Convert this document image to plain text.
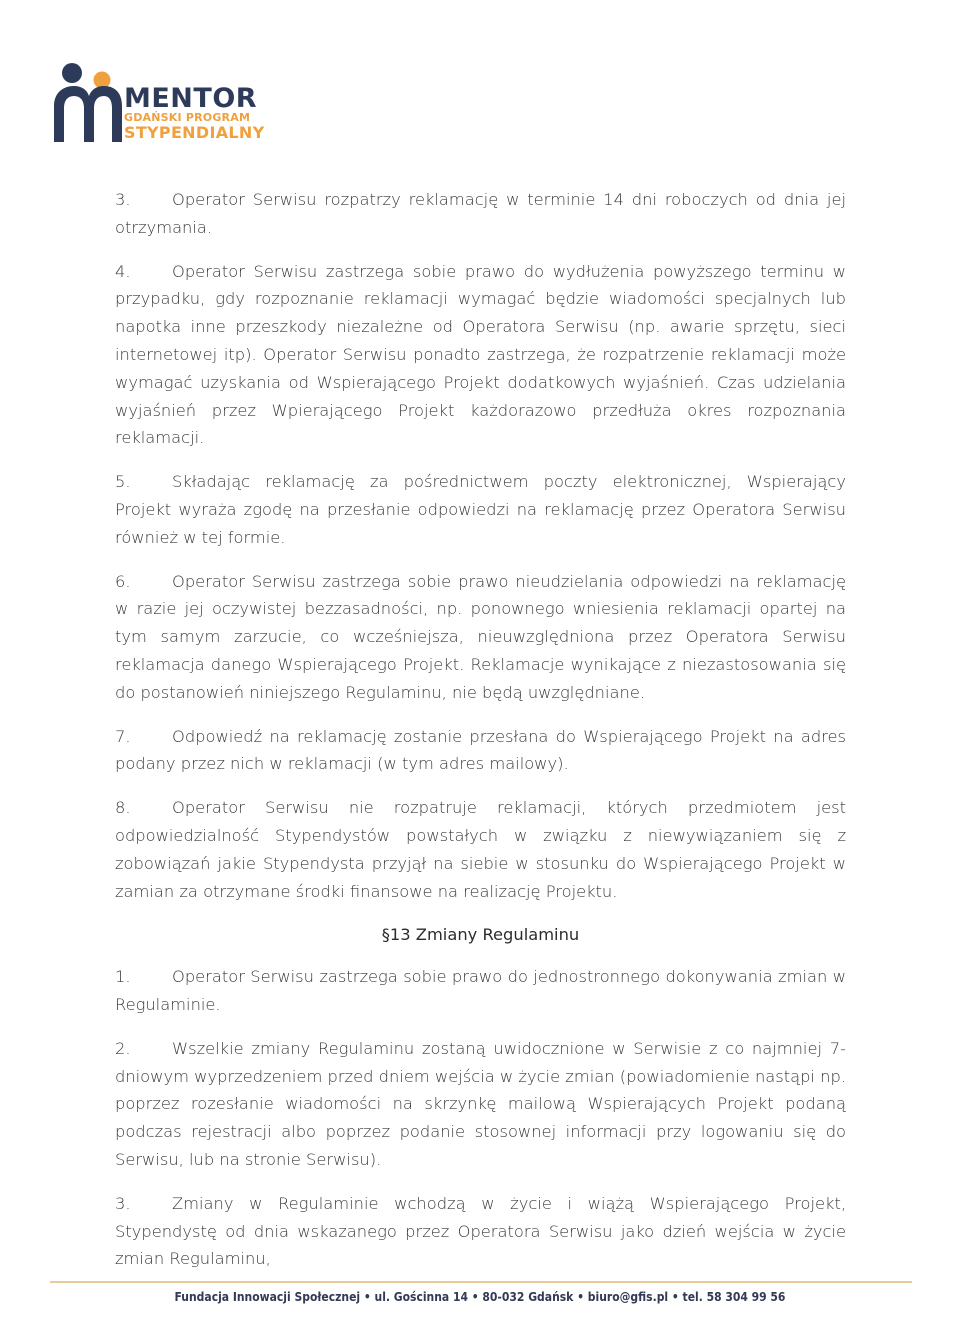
MENTOR
GDAŃSKI PROGRAM
STYPENDIALNY

3.	Operator Serwisu rozpatrzy reklamację w terminie 14 dni roboczych od dnia jej otrzymania.

4.	Operator Serwisu zastrzega sobie prawo do wydłużenia powyższego terminu w przypadku, gdy rozpoznanie reklamacji wymagać będzie wiadomości specjalnych lub napotka inne przeszkody niezależne od Operatora Serwisu (np. awarie sprzętu, sieci internetowej itp). Operator Serwisu ponadto zastrzega, że rozpatrzenie reklamacji może wymagać uzyskania od Wspierającego Projekt dodatkowych wyjaśnień. Czas udzielania wyjaśnień przez Wpierającego Projekt każdorazowo przedłuża okres rozpoznania reklamacji.

5.	Składając reklamację za pośrednictwem poczty elektronicznej, Wspierający Projekt wyraża zgodę na przesłanie odpowiedzi na reklamację przez Operatora Serwisu również w tej formie.

6.	Operator Serwisu zastrzega sobie prawo nieudzielania odpowiedzi na reklamację w razie jej oczywistej bezzasadności, np. ponownego wniesienia reklamacji opartej na tym samym zarzucie, co wcześniejsza, nieuwzględniona przez Operatora Serwisu reklamacja danego Wspierającego Projekt. Reklamacje wynikające z niezastosowania się do postanowień niniejszego Regulaminu, nie będą uwzględniane.

7.	Odpowiedź na reklamację zostanie przesłana do Wspierającego Projekt na adres podany przez nich w reklamacji (w tym adres mailowy).

8.	Operator Serwisu nie rozpatruje reklamacji, których przedmiotem jest odpowiedzialność Stypendystów powstałych w związku z niewywiązaniem się z zobowiązań jakie Stypendysta przyjął na siebie w stosunku do Wspierającego Projekt w zamian za otrzymane środki finansowe na realizację Projektu.

§13 Zmiany Regulaminu

1.	Operator Serwisu zastrzega sobie prawo do jednostronnego dokonywania zmian w Regulaminie.

2.	Wszelkie zmiany Regulaminu zostaną uwidocznione w Serwisie z co najmniej 7-dniowym wyprzedzeniem przed dniem wejścia w życie zmian (powiadomienie nastąpi np. poprzez rozesłanie wiadomości na skrzynkę mailową Wspierających Projekt podaną podczas rejestracji albo poprzez podanie stosownej informacji przy logowaniu się do Serwisu, lub na stronie Serwisu).

3.	Zmiany w Regulaminie wchodzą w życie i wiążą Wspierającego Projekt, Stypendystę od dnia wskazanego przez Operatora Serwisu jako dzień wejścia w życie zmian Regulaminu,

Fundacja Innowacji Społecznej • ul. Gościnna 14 • 80-032 Gdańsk • biuro@gfis.pl • tel. 58 304 99 56
